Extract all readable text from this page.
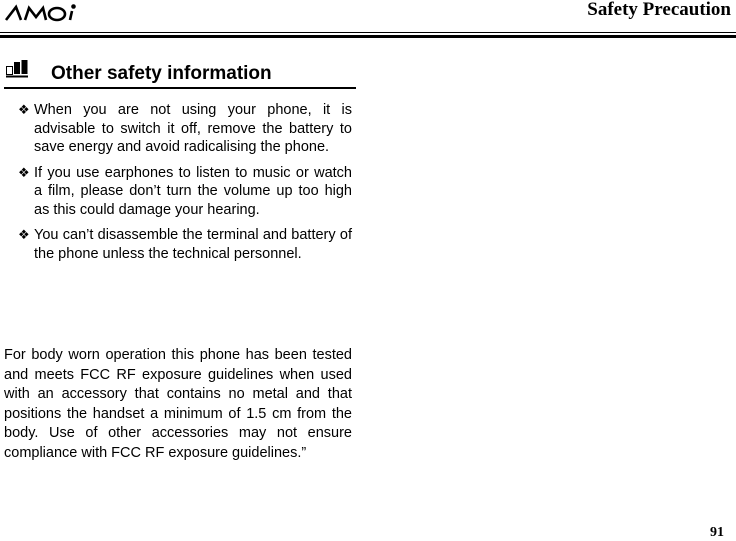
Safety Precaution
Other safety information
❖ When you are not using your phone, it is advisable to switch it off, remove the battery to save energy and avoid radicalising the phone.
❖ If you use earphones to listen to music or watch a film, please don’t turn the volume up too high as this could damage your hearing.
❖ You can’t disassemble the terminal and battery of the phone unless the technical personnel.
For body worn operation this phone has been tested and meets FCC RF exposure guidelines when used with an accessory that contains no metal and that positions the handset a minimum of 1.5 cm from the body. Use of other accessories may not ensure compliance with FCC RF exposure guidelines.”
91
